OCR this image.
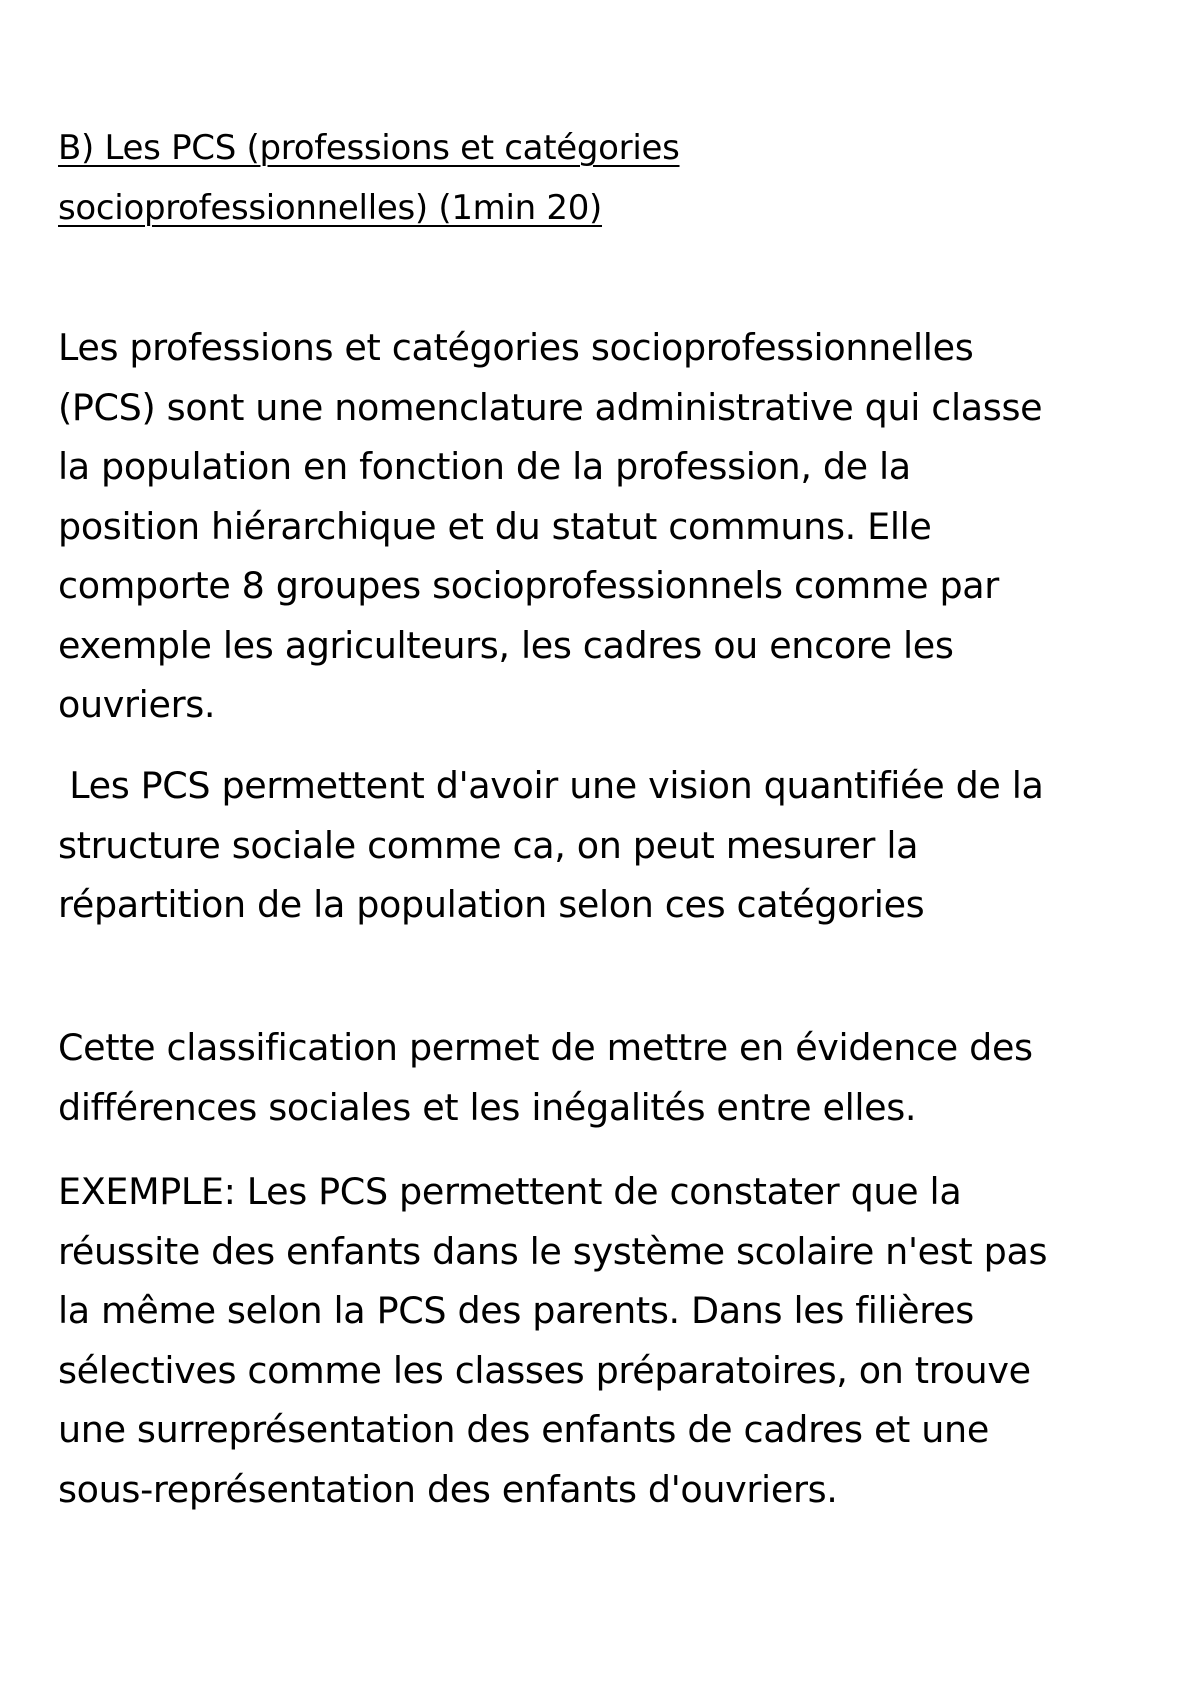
B) Les PCS (professions et catégories
socioprofessionnelles) (1min 20)

Les professions et catégories socioprofessionnelles
(PCS) sont une nomenclature administrative qui classe
la population en fonction de la profession, de la
position hiérarchique et du statut communs. Elle
comporte 8 groupes socioprofessionnels comme par
exemple les agriculteurs, les cadres ou encore les
ouvriers.

Les PCS permettent d'avoir une vision quantifiée de la
structure sociale comme ca, on peut mesurer la
répartition de la population selon ces catégories

Cette classification permet de mettre en évidence des
différences sociales et les inégalités entre elles.

EXEMPLE: Les PCS permettent de constater que la
réussite des enfants dans le système scolaire n'est pas
la même selon la PCS des parents. Dans les filières
sélectives comme les classes préparatoires, on trouve
une surreprésentation des enfants de cadres et une
sous-représentation des enfants d'ouvriers.
